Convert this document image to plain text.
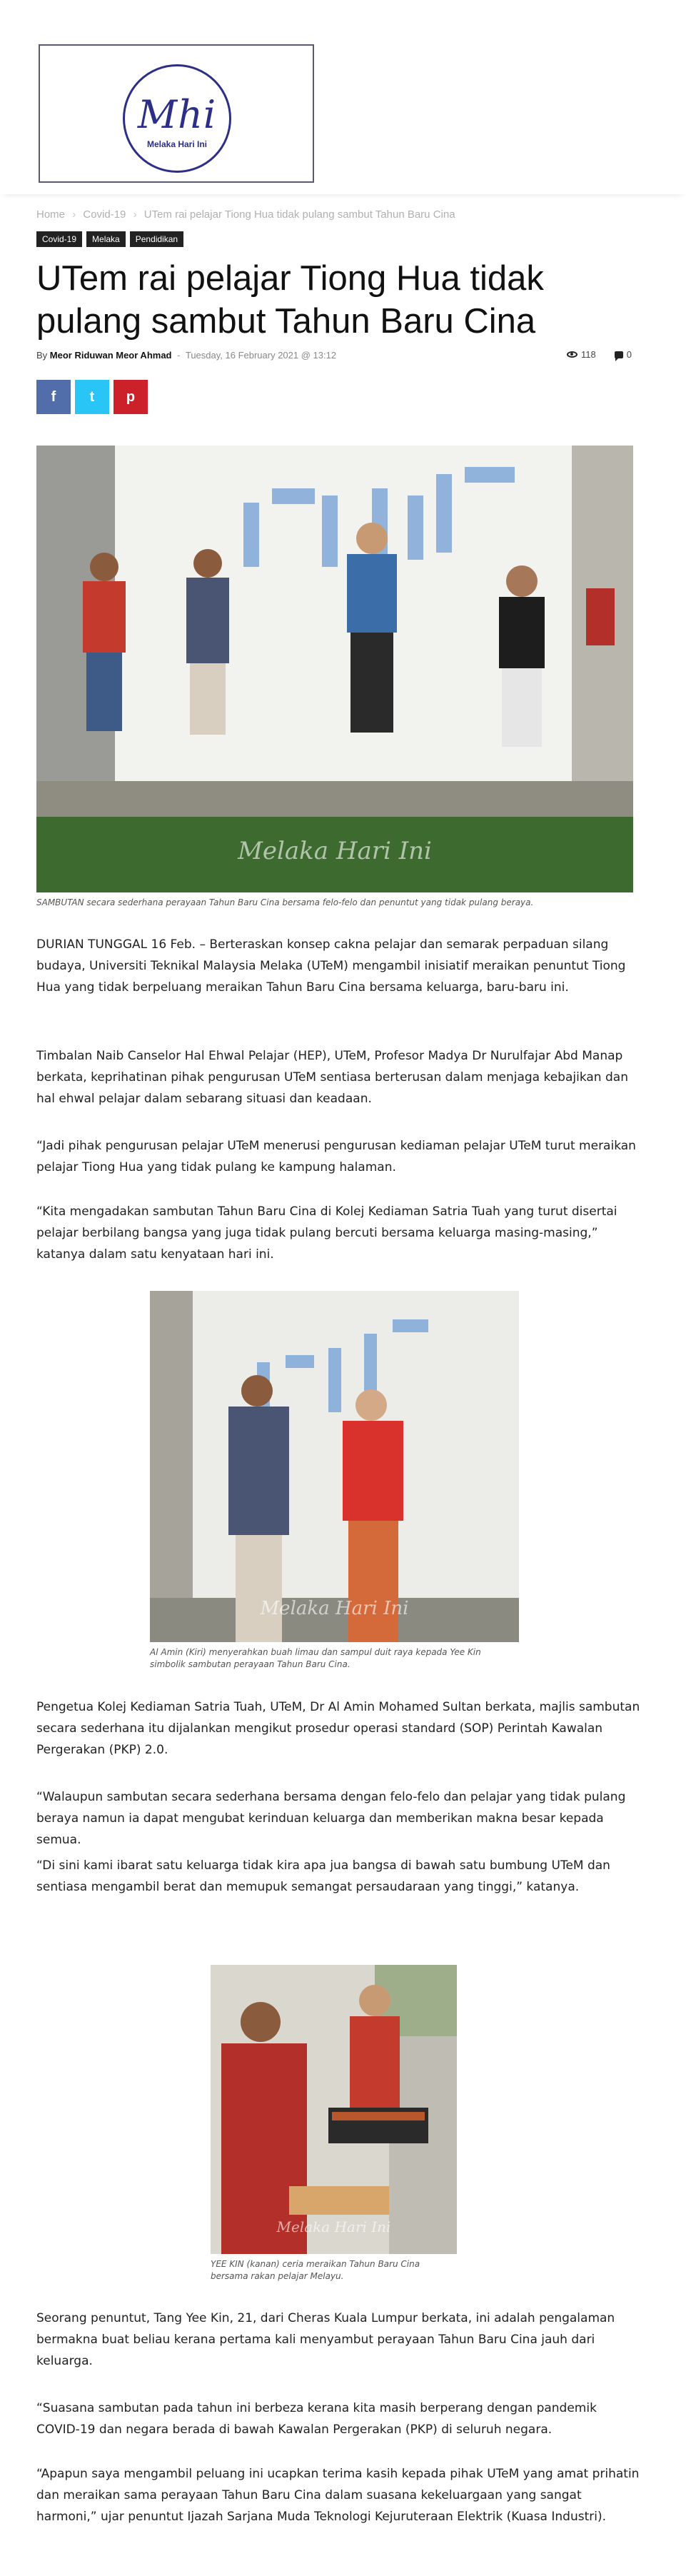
Mhi
Melaka Hari Ini
Home › Covid-19 › UTem rai pelajar Tiong Hua tidak pulang sambut Tahun Baru Cina
Covid-19	Melaka	Pendidikan
UTem rai pelajar Tiong Hua tidak pulang sambut Tahun Baru Cina
By Meor Riduwan Meor Ahmad - Tuesday, 16 February 2021 @ 13:12	118	0
f t p
Melaka Hari Ini
SAMBUTAN secara sederhana perayaan Tahun Baru Cina bersama felo-felo dan penuntut yang tidak pulang beraya.

DURIAN TUNGGAL 16 Feb. – Berteraskan konsep cakna pelajar dan semarak perpaduan silang budaya, Universiti Teknikal Malaysia Melaka (UTeM) mengambil inisiatif meraikan penuntut Tiong Hua yang tidak berpeluang meraikan Tahun Baru Cina bersama keluarga, baru-baru ini.

Timbalan Naib Canselor Hal Ehwal Pelajar (HEP), UTeM, Profesor Madya Dr Nurulfajar Abd Manap berkata, keprihatinan pihak pengurusan UTeM sentiasa berterusan dalam menjaga kebajikan dan hal ehwal pelajar dalam sebarang situasi dan keadaan.

“Jadi pihak pengurusan pelajar UTeM menerusi pengurusan kediaman pelajar UTeM turut meraikan pelajar Tiong Hua yang tidak pulang ke kampung halaman.

“Kita mengadakan sambutan Tahun Baru Cina di Kolej Kediaman Satria Tuah yang turut disertai pelajar berbilang bangsa yang juga tidak pulang bercuti bersama keluarga masing-masing,” katanya dalam satu kenyataan hari ini.

Melaka Hari Ini
Al Amin (Kiri) menyerahkan buah limau dan sampul duit raya kepada Yee Kin simbolik sambutan perayaan Tahun Baru Cina.

Pengetua Kolej Kediaman Satria Tuah, UTeM, Dr Al Amin Mohamed Sultan berkata, majlis sambutan secara sederhana itu dijalankan mengikut prosedur operasi standard (SOP) Perintah Kawalan Pergerakan (PKP) 2.0.

“Walaupun sambutan secara sederhana bersama dengan felo-felo dan pelajar yang tidak pulang beraya namun ia dapat mengubat kerinduan keluarga dan memberikan makna besar kepada semua.

“Di sini kami ibarat satu keluarga tidak kira apa jua bangsa di bawah satu bumbung UTeM dan sentiasa mengambil berat dan memupuk semangat persaudaraan yang tinggi,” katanya.

Melaka Hari Ini
YEE KIN (kanan) ceria meraikan Tahun Baru Cina bersama rakan pelajar Melayu.

Seorang penuntut, Tang Yee Kin, 21, dari Cheras Kuala Lumpur berkata, ini adalah pengalaman bermakna buat beliau kerana pertama kali menyambut perayaan Tahun Baru Cina jauh dari keluarga.

“Suasana sambutan pada tahun ini berbeza kerana kita masih berperang dengan pandemik COVID-19 dan negara berada di bawah Kawalan Pergerakan (PKP) di seluruh negara.

“Apapun saya mengambil peluang ini ucapkan terima kasih kepada pihak UTeM yang amat prihatin dan meraikan sama perayaan Tahun Baru Cina dalam suasana kekeluargaan yang sangat harmoni,” ujar penuntut Ijazah Sarjana Muda Teknologi Kejuruteraan Elektrik (Kuasa Industri).
